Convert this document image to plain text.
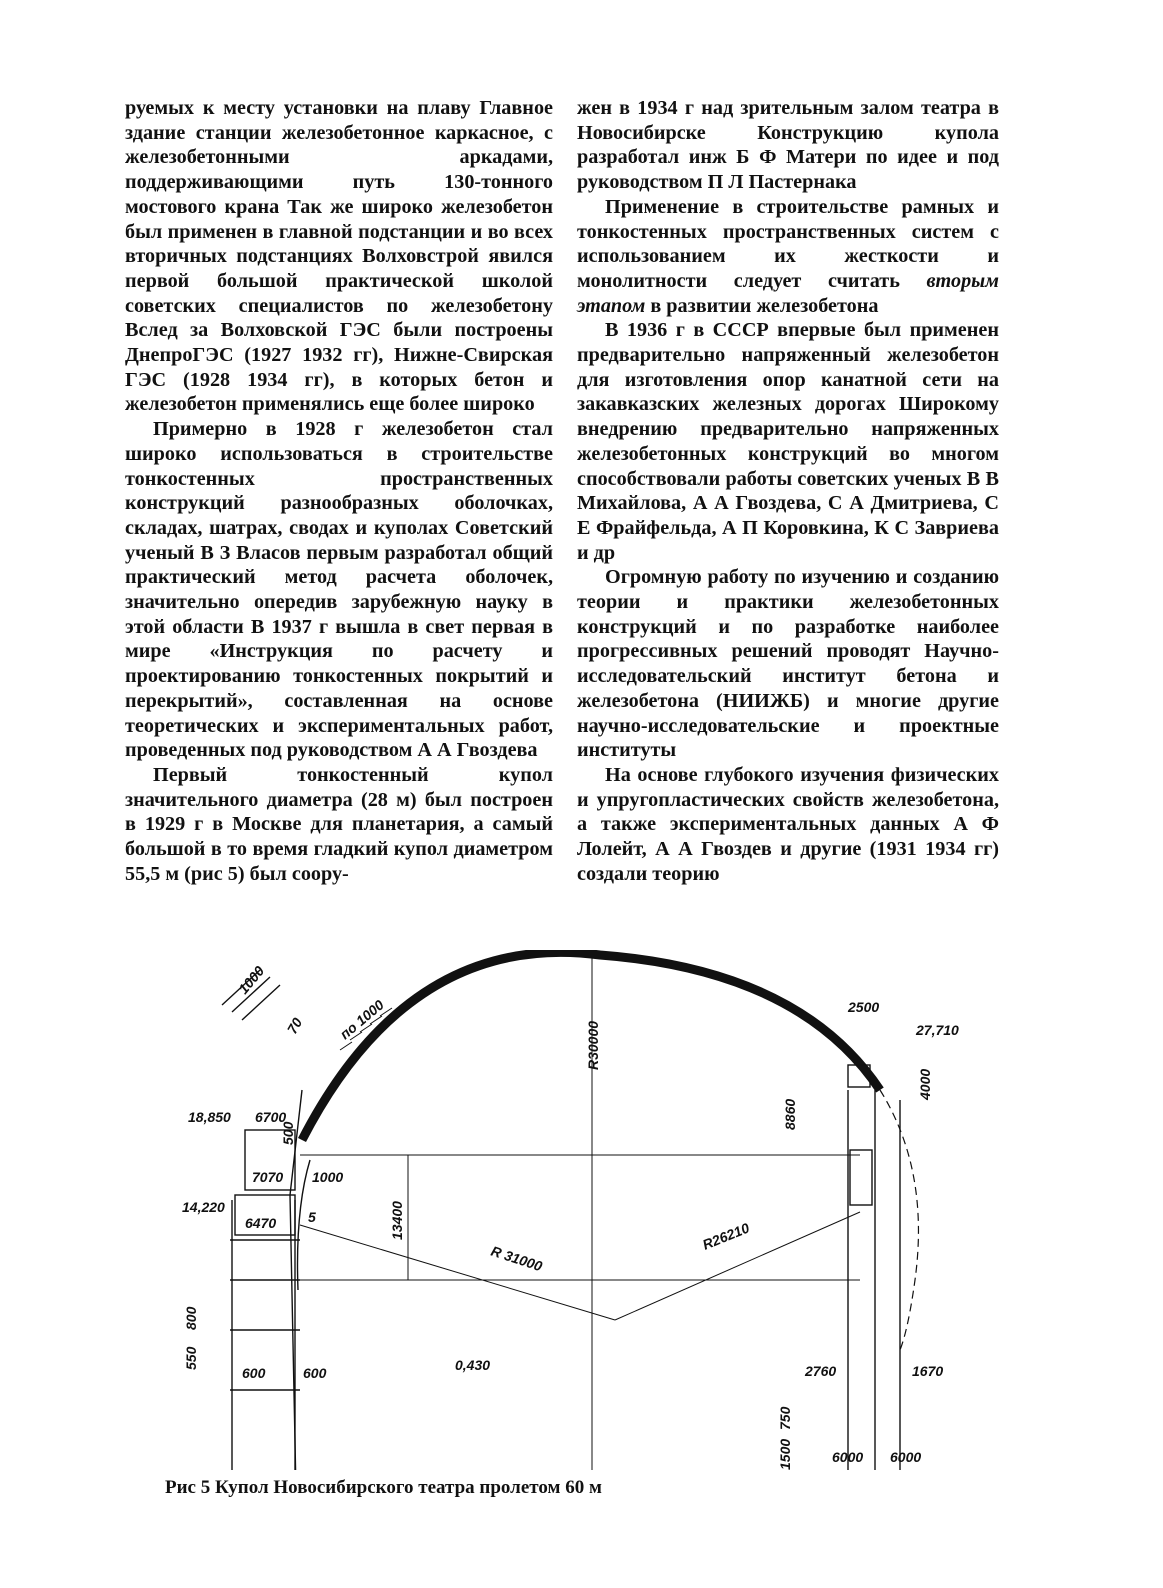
руемых к месту установки на плаву Главное здание станции железобетонное каркасное, с железобетонными аркадами, поддерживающими путь 130-тонного мостового крана Так же широко железобетон был применен в главной подстанции и во всех вторичных подстанциях Волховстрой явился первой большой практической школой советских специалистов по железобетону Вслед за Волховской ГЭС были построены ДнепроГЭС (1927 1932 гг), Нижне-Свирская ГЭС (1928 1934 гг), в которых бетон и железобетон применялись еще более широко

Примерно в 1928 г железобетон стал широко использоваться в строительстве тонкостенных пространственных конструкций разнообразных оболочках, складах, шатрах, сводах и куполах Советский ученый В З Власов первым разработал общий практический метод расчета оболочек, значительно опередив зарубежную науку в этой области В 1937 г вышла в свет первая в мире «Инструкция по расчету и проектированию тонкостенных покрытий и перекрытий», составленная на основе теоретических и экспериментальных работ, проведенных под руководством А А Гвоздева

Первый тонкостенный купол значительного диаметра (28 м) был построен в 1929 г в Москве для планетария, а самый большой в то время гладкий купол диаметром 55,5 м (рис 5) был соору-

жен в 1934 г над зрительным залом театра в Новосибирске Конструкцию купола разработал инж Б Ф Матери по идее и под руководством П Л Пастернака

Применение в строительстве рамных и тонкостенных пространственных систем с использованием их жесткости и монолитности следует считать вторым этапом в развитии железобетона

В 1936 г в СССР впервые был применен предварительно напряженный железобетон для изготовления опор канатной сети на закавказских железных дорогах Широкому внедрению предварительно напряженных железобетонных конструкций во многом способствовали работы советских ученых В В Михайлова, А А Гвоздева, С А Дмитриева, С Е Фрайфельда, А П Коровкина, К С Завриева и др

Огромную работу по изучению и созданию теории и практики железобетонных конструкций и по разработке наиболее прогрессивных решений проводят Научно-исследовательский институт бетона и железобетона (НИИЖБ) и многие другие научно-исследовательские и проектные институты

На основе глубокого изучения физических и упругопластических свойств железобетона, а также экспериментальных данных А Ф Лолейт, А А Гвоздев и другие (1931 1934 гг) создали теорию

R30000
R 31000
R26210
1000
70 по 1000	2500
27,710
4000
8860
18,850 6700
500
7070 1000
14,220
6470 5	13400
800
550
600	600	0,430	2760	1670
750
1500	6000 6000
Рис 5 Купол Новосибирского театра пролетом 60 м
